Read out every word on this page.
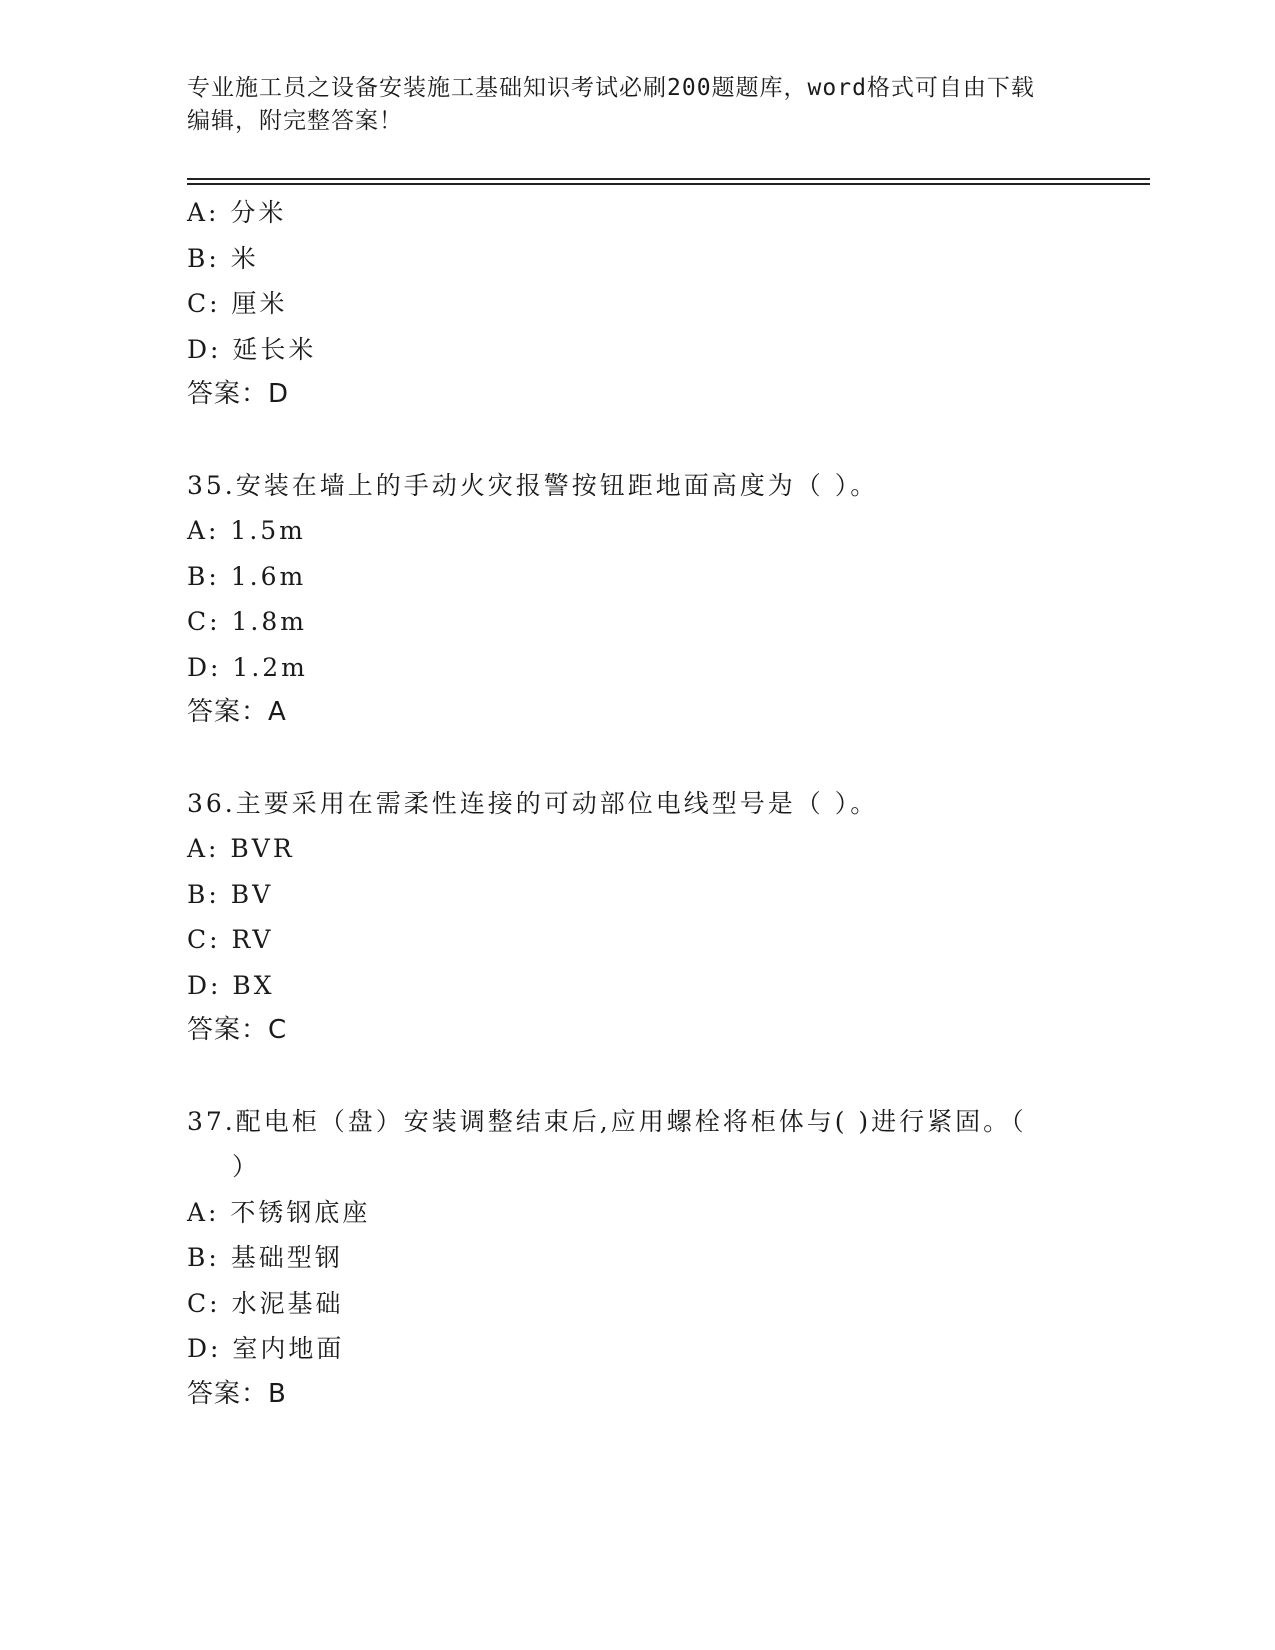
专业施工员之设备安装施工基础知识考试必刷200题题库，word格式可自由下载
编辑，附完整答案！
A: 分米
B: 米
C: 厘米
D: 延长米
答案：D
35.安装在墙上的手动火灾报警按钮距地面高度为（ ）。
A: 1.5m
B: 1.6m
C: 1.8m
D: 1.2m
答案：A
36.主要采用在需柔性连接的可动部位电线型号是（ ）。
A: BVR
B: BV
C: RV
D: BX
答案：C
37.配电柜（盘）安装调整结束后,应用螺栓将柜体与( )进行紧固。（
）
A: 不锈钢底座
B: 基础型钢
C: 水泥基础
D: 室内地面
答案：B
